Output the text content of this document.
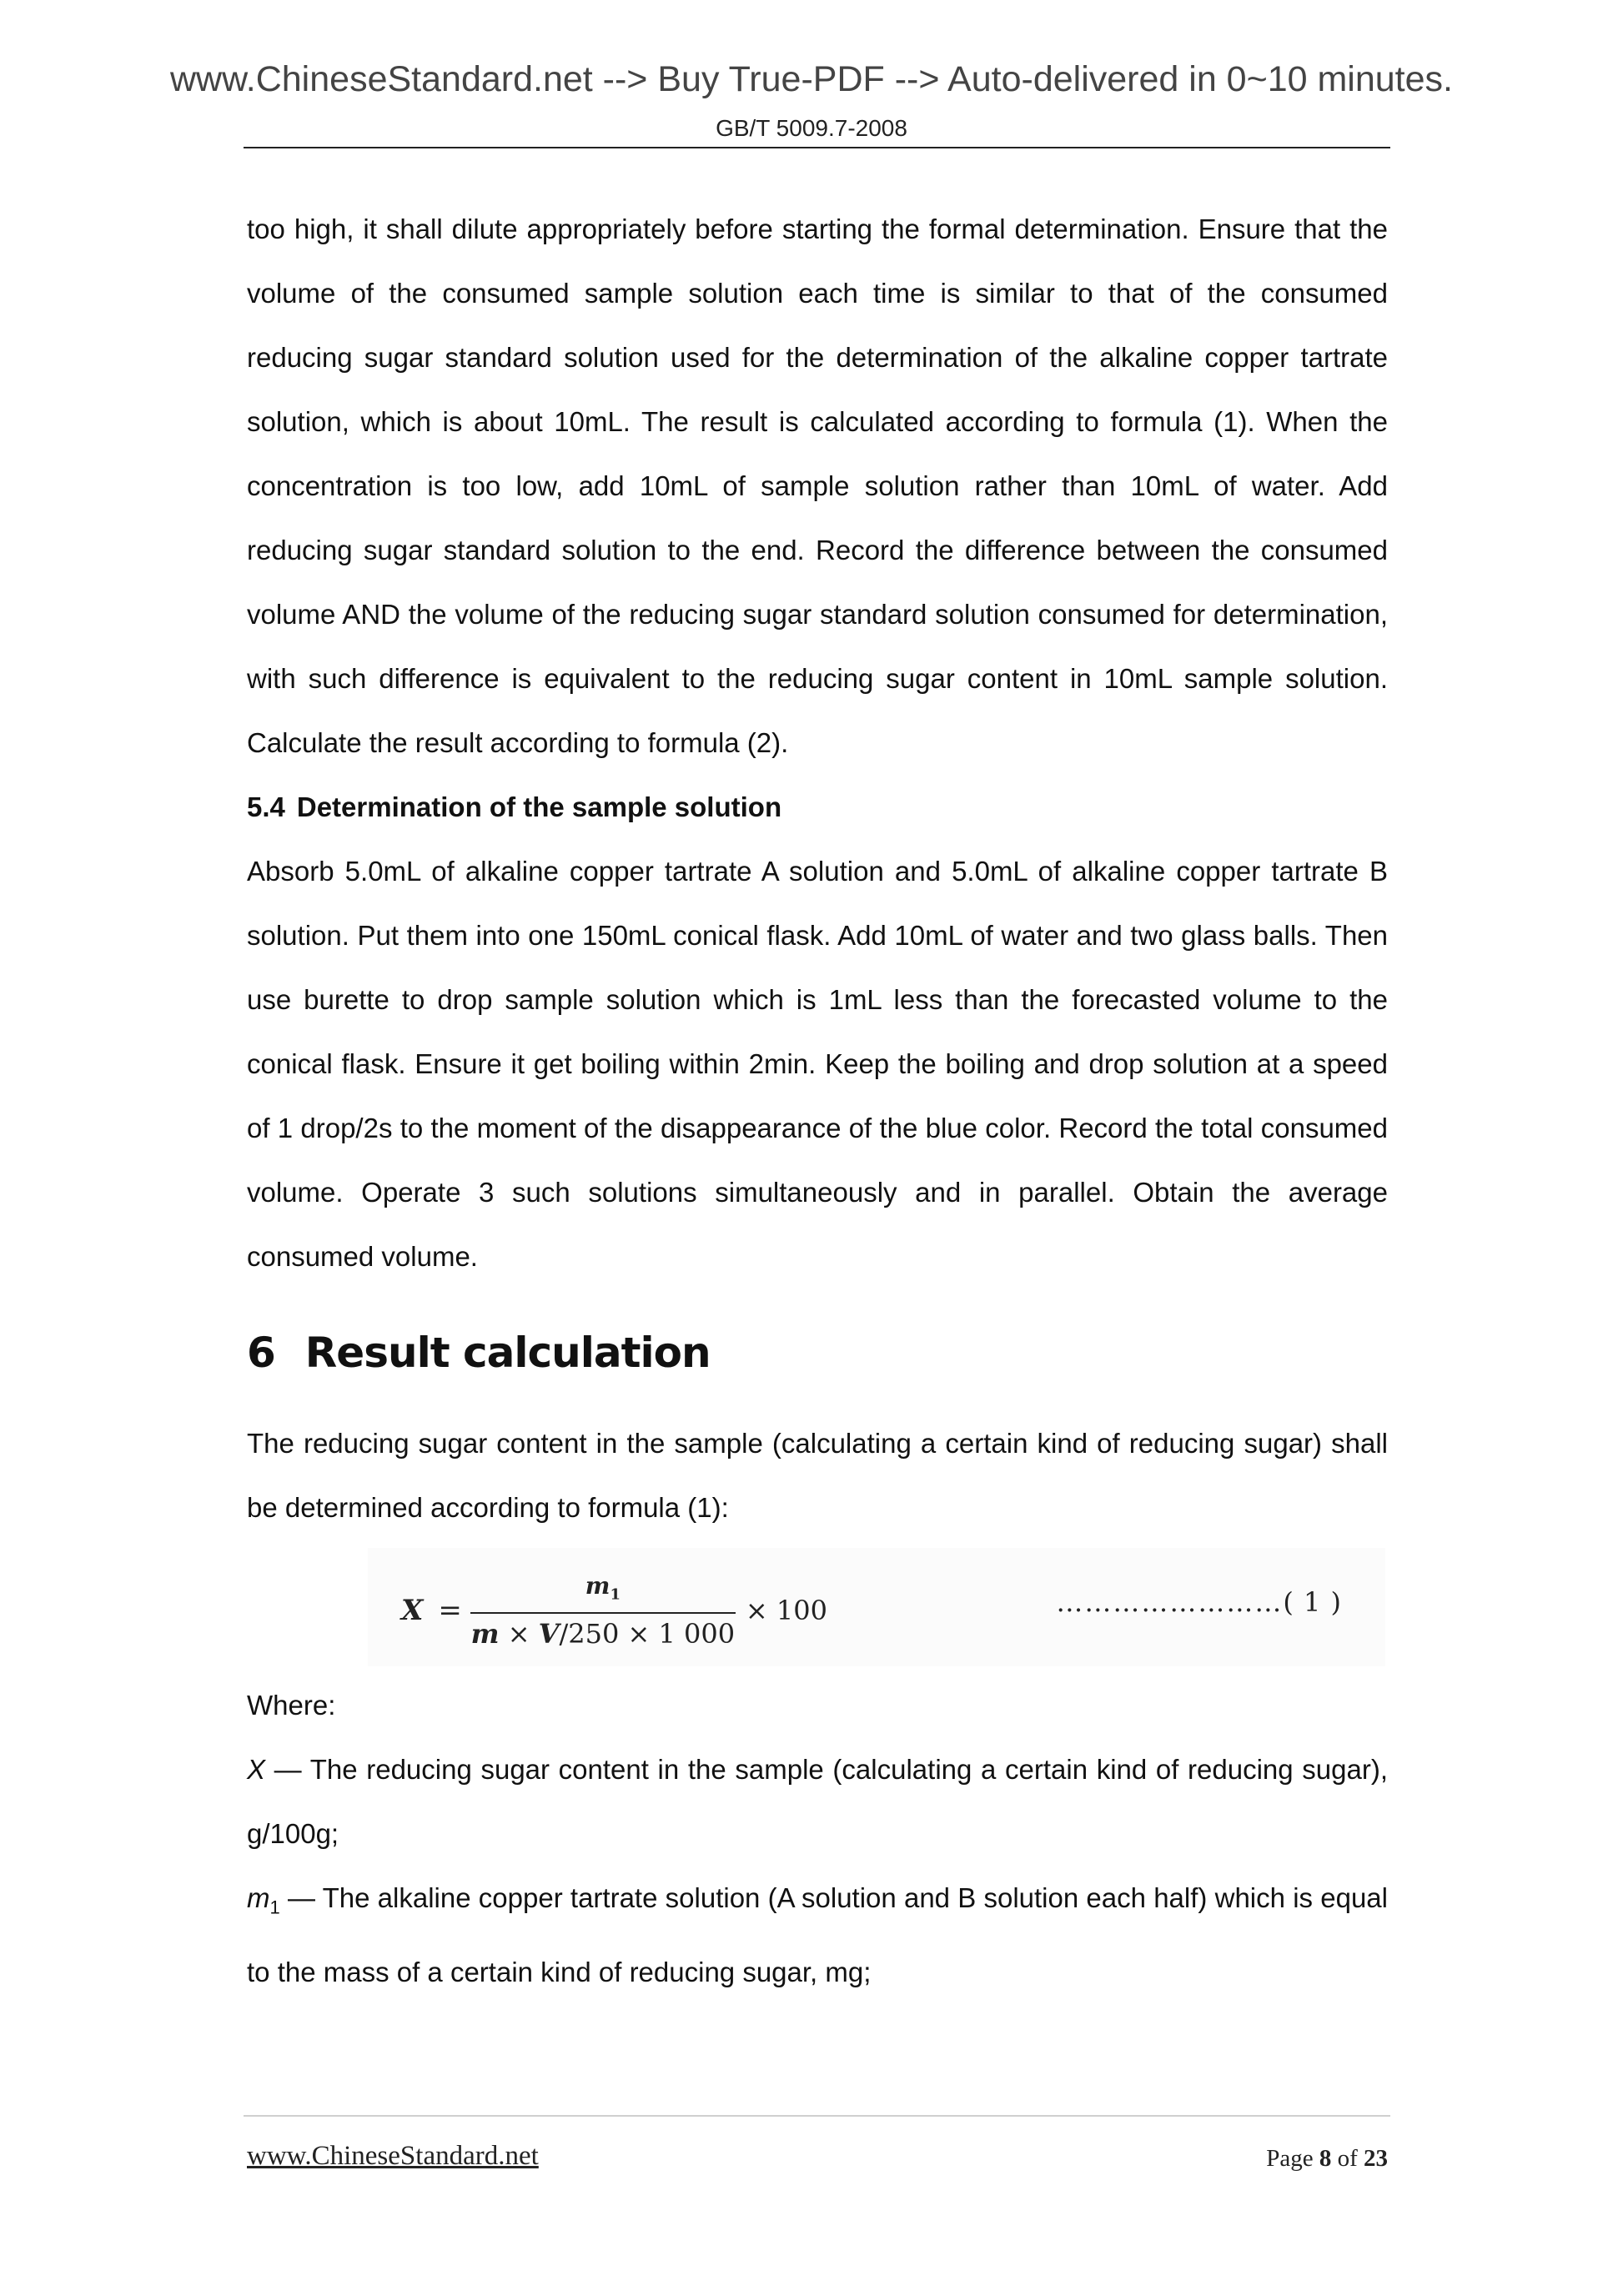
www.ChineseStandard.net --> Buy True-PDF --> Auto-delivered in 0~10 minutes.
GB/T 5009.7-2008

too high, it shall dilute appropriately before starting the formal determination. Ensure that the volume of the consumed sample solution each time is similar to that of the consumed reducing sugar standard solution used for the determination of the alkaline copper tartrate solution, which is about 10mL. The result is calculated according to formula (1). When the concentration is too low, add 10mL of sample solution rather than 10mL of water. Add reducing sugar standard solution to the end. Record the difference between the consumed volume AND the volume of the reducing sugar standard solution consumed for determination, with such difference is equivalent to the reducing sugar content in 10mL sample solution. Calculate the result according to formula (2).

5.4 Determination of the sample solution

Absorb 5.0mL of alkaline copper tartrate A solution and 5.0mL of alkaline copper tartrate B solution. Put them into one 150mL conical flask. Add 10mL of water and two glass balls. Then use burette to drop sample solution which is 1mL less than the forecasted volume to the conical flask. Ensure it get boiling within 2min. Keep the boiling and drop solution at a speed of 1 drop/2s to the moment of the disappearance of the blue color. Record the total consumed volume. Operate 3 such solutions simultaneously and in parallel. Obtain the average consumed volume.

6 Result calculation

The reducing sugar content in the sample (calculating a certain kind of reducing sugar) shall be determined according to formula (1):

$X = \frac{m_1}{m \times V/250 \times 1 000} \times 100$	……………………( 1 )

Where:

X — The reducing sugar content in the sample (calculating a certain kind of reducing sugar), g/100g;

$m_1$ — The alkaline copper tartrate solution (A solution and B solution each half) which is equal to the mass of a certain kind of reducing sugar, mg;

www.ChineseStandard.net	Page 8 of 23
